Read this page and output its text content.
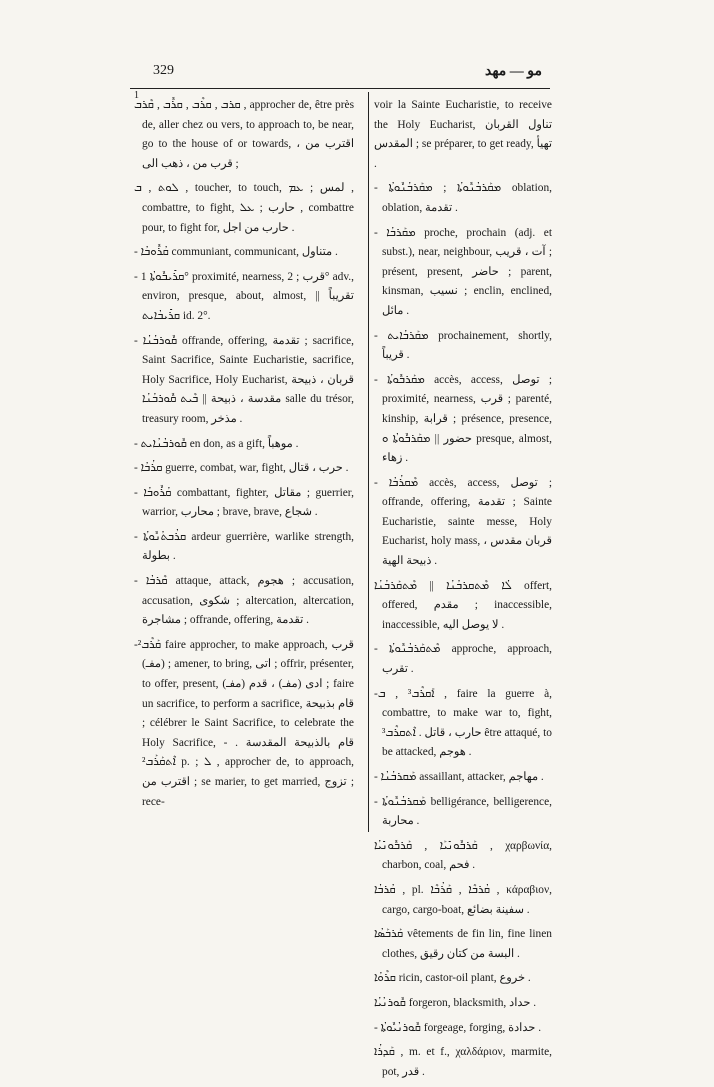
329	مو — مهد
1

ܩܪܒ , ܩܪܶܒ , ܩܪܽܒ , ܩܶܪܒ , approcher de, être près de, aller chez ou vers, to approach to, be near, go to the house of or towards, اقترب من ، قرب من ، ذهب الى ;

ܠܘܬ , ܒ , toucher, to touch, لمس ; ܥܡ , combattre, to fight, حارب ; ܥܠ , combattre pour, to fight for, حارب من اجل .

- ܩܳܪܽܘܒܳܐ communiant, communicant, متناول .

- ܩܪܺܝܒܽܘܬܳܐ 1° proximité, nearness, قرب ; 2° adv., environ, presque, about, almost, تقريباً || ܩܪܺܝܒܳܐܝܬ id. 2°.

- ܩܽܘܪܒܳܢܳܐ offrande, offering, تقدمة ; sacrifice, Saint Sacrifice, Sainte Eucharistie, sacrifice, Holy Sacrifice, Holy Eucharist, قربان ، ذبيحة مقدسة ، ذبيحة || ܒܶܝܬ ܩܽܘܪܒܳܢܳܐ salle du trésor, treasury room, مذخر .

- ܩܽܘܪܒܳܢܳܐܝܬ en don, as a gift, موهباً .

- ܩܪܳܒܳܐ guerre, combat, war, fight, حرب ، قتال .

- ܩܳܪܽܘܒܳܐ combattant, fighter, مقاتل ; guerrier, warrior, محارب ; brave, brave, شجاع .

- ܩܪܳܒܬܳܢܽܘܬܳܐ ardeur guerrière, warlike strength, بطولة .

- ܩܶܪܒܳܐ attaque, attack, هجوم ; accusation, accusation, شكوى ; altercation, altercation, مشاجرة ; offrande, offering, تقدمة .

-ܩܰܪܶܒ² faire approcher, to make approach, قرب (مفـ) ; amener, to bring, اتى ; offrir, présenter, to offer, present, ادى (مفـ) ، قدم (مفـ) ; faire un sacrifice, to perform a sacrifice, قام بذبيحة ; célébrer le Saint Sacrifice, to celebrate the Holy Sacrifice, قام بالذبيحة المقدسة . - ܐܶܬܩܰܪܰܒ² p. ; ܠ , approcher de, to approach, اقترب من ; se marier, to get married, تزوج ; rece-

voir la Sainte Eucharistie, to receive the Holy Eucharist, تناول القربان المقدس ; se préparer, to get ready, تهيأ .

- ܡܩܰܪܒܳܢܽܘܬܳܐ ; ܡܩܰܪܒܳܢܽܘܬܳܐ oblation, oblation, تقدمة .

- ܡܩܰܪܒܳܐ proche, prochain (adj. et subst.), near, neighbour, آت ، قريب ; présent, present, حاضر ; parent, kinsman, نسيب ; enclin, enclined, مائل .

- ܡܩܰܪܒܳܐܝܬ prochainement, shortly, قريباً .

- ܡܩܰܪܒܽܘܬܳܐ accès, access, توصل ; proximité, nearness, قرب ; parenté, kinship, قرابة ; présence, presence, حضور || ܡܩܰܪܒܽܘܬܳܐ ܘ presque, almost, زهاء .

- ܡܶܩܪܳܒܳܐ accès, access, توصل ; offrande, offering, تقدمة ; Sainte Eucharistie, sainte messe, Holy Eucharist, holy mass, قربان مقدس ، ذبيحة الهية .

ܠܳܐ ܡܶܬܩܪܒܳܢܳܐ || ܡܶܬܩܰܪܒܳܢܳܐ offert, offered, مقدم ; inaccessible, inaccessible, لا يوصل اليه .

- ܡܶܬܩܰܪܒܳܢܽܘܬܳܐ approche, approach, تقرب .

-ܐܰܩܪܶܒ³ , ܒ , faire la guerre à, combattre, to make war to, fight, حارب ، قاتل . ܐܶܬܩܪܶܒ³ être attaqué, to be attacked, هوجم .

- ܡܰܩܪܒܳܢܳܐ assaillant, attacker, مهاجم .

- ܡܰܩܪܒܳܢܽܘܬܳܐ belligérance, belligerence, محاربة .

ܩܰܪܒܽܘܢܺܝܰܐ , ܩܰܪܒܽܘܢܺܝܳܐ , χαρβωνία, charbon, coal, فحم .

ܩܳܪܒܳܐ , pl. ܩܳܪܒܶܐ , ܩܰܪܳܒܶܐ , κάραβιον, cargo, cargo-boat, سفينة بضائع .

ܩܰܪܒܰܣܳܐ vêtements de fin lin, fine linen clothes, البسة من كتان رقيق .

ܩܪܶܘܳܐ ricin, castor-oil plant, خروع .

ܩܽܘܪܢܳܝܳܐ forgeron, blacksmith, حداد .

- ܩܽܘܪܢܳܝܽܘܬܳܐ forgeage, forging, حدادة .

ܩܰܕܪܳܐ , m. et f., χαλδάριον, marmite, pot, قدر .
